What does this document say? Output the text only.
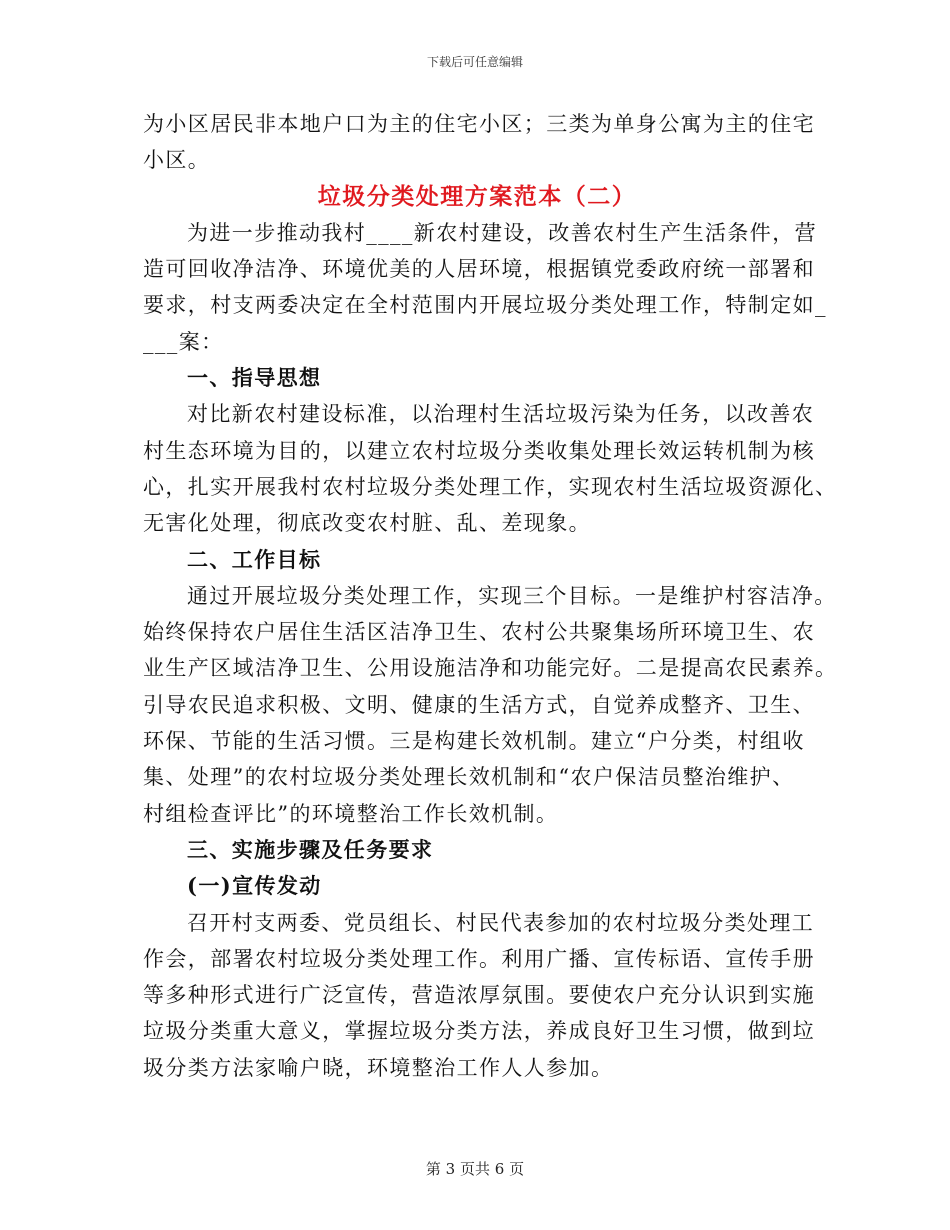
下载后可任意编辑
为小区居民非本地户口为主的住宅小区；三类为单身公寓为主的住宅
小区。
垃圾分类处理方案范本（二）
为进一步推动我村____新农村建设，改善农村生产生活条件，营
造可回收净洁净、环境优美的人居环境，根据镇党委政府统一部署和
要求，村支两委决定在全村范围内开展垃圾分类处理工作，特制定如_
___案：
一、指导思想
对比新农村建设标准，以治理村生活垃圾污染为任务，以改善农
村生态环境为目的，以建立农村垃圾分类收集处理长效运转机制为核
心，扎实开展我村农村垃圾分类处理工作，实现农村生活垃圾资源化、
无害化处理，彻底改变农村脏、乱、差现象。
二、工作目标
通过开展垃圾分类处理工作，实现三个目标。一是维护村容洁净。
始终保持农户居住生活区洁净卫生、农村公共聚集场所环境卫生、农
业生产区域洁净卫生、公用设施洁净和功能完好。二是提高农民素养。
引导农民追求积极、文明、健康的生活方式，自觉养成整齐、卫生、
环保、节能的生活习惯。三是构建长效机制。建立“户分类，村组收
集、处理”的农村垃圾分类处理长效机制和“农户保洁员整治维护、
村组检查评比”的环境整治工作长效机制。
三、实施步骤及任务要求
(一)宣传发动
召开村支两委、党员组长、村民代表参加的农村垃圾分类处理工
作会，部署农村垃圾分类处理工作。利用广播、宣传标语、宣传手册
等多种形式进行广泛宣传，营造浓厚氛围。要使农户充分认识到实施
垃圾分类重大意义，掌握垃圾分类方法，养成良好卫生习惯，做到垃
圾分类方法家喻户晓，环境整治工作人人参加。
第 3 页共 6 页
